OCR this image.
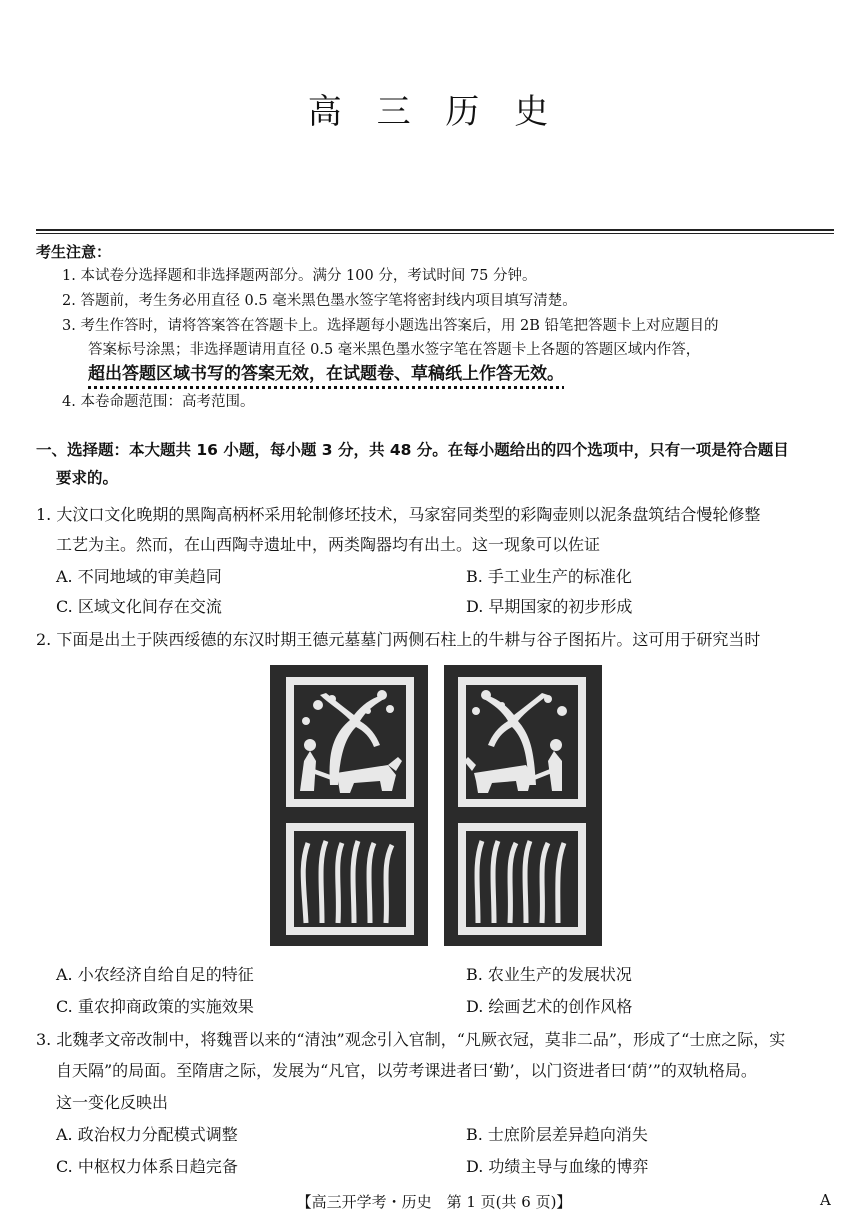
高 三 历 史
考生注意：
1. 本试卷分选择题和非选择题两部分。满分 100 分，考试时间 75 分钟。
2. 答题前，考生务必用直径 0.5 毫米黑色墨水签字笔将密封线内项目填写清楚。
3. 考生作答时，请将答案答在答题卡上。选择题每小题选出答案后，用 2B 铅笔把答题卡上对应题目的
答案标号涂黑；非选择题请用直径 0.5 毫米黑色墨水签字笔在答题卡上各题的答题区域内作答，
超出答题区域书写的答案无效，在试题卷、草稿纸上作答无效。
4. 本卷命题范围：高考范围。
一、选择题：本大题共 16 小题，每小题 3 分，共 48 分。在每小题给出的四个选项中，只有一项是符合题目
要求的。
1. 大汶口文化晚期的黑陶高柄杯采用轮制修坯技术，马家窑同类型的彩陶壶则以泥条盘筑结合慢轮修整
工艺为主。然而，在山西陶寺遗址中，两类陶器均有出土。这一现象可以佐证
A. 不同地域的审美趋同	B. 手工业生产的标准化
C. 区域文化间存在交流	D. 早期国家的初步形成
2. 下面是出土于陕西绥德的东汉时期王德元墓墓门两侧石柱上的牛耕与谷子图拓片。这可用于研究当时
A. 小农经济自给自足的特征	B. 农业生产的发展状况
C. 重农抑商政策的实施效果	D. 绘画艺术的创作风格
3. 北魏孝文帝改制中，将魏晋以来的“清浊”观念引入官制，“凡厥衣冠，莫非二品”，形成了“士庶之际，实
自天隔”的局面。至隋唐之际，发展为“凡官，以劳考课进者曰‘勤’，以门资进者曰‘荫’”的双轨格局。
这一变化反映出
A. 政治权力分配模式调整	B. 士庶阶层差异趋向消失
C. 中枢权力体系日趋完备	D. 功绩主导与血缘的博弈
【高三开学考・历史　第 1 页(共 6 页)】	A
